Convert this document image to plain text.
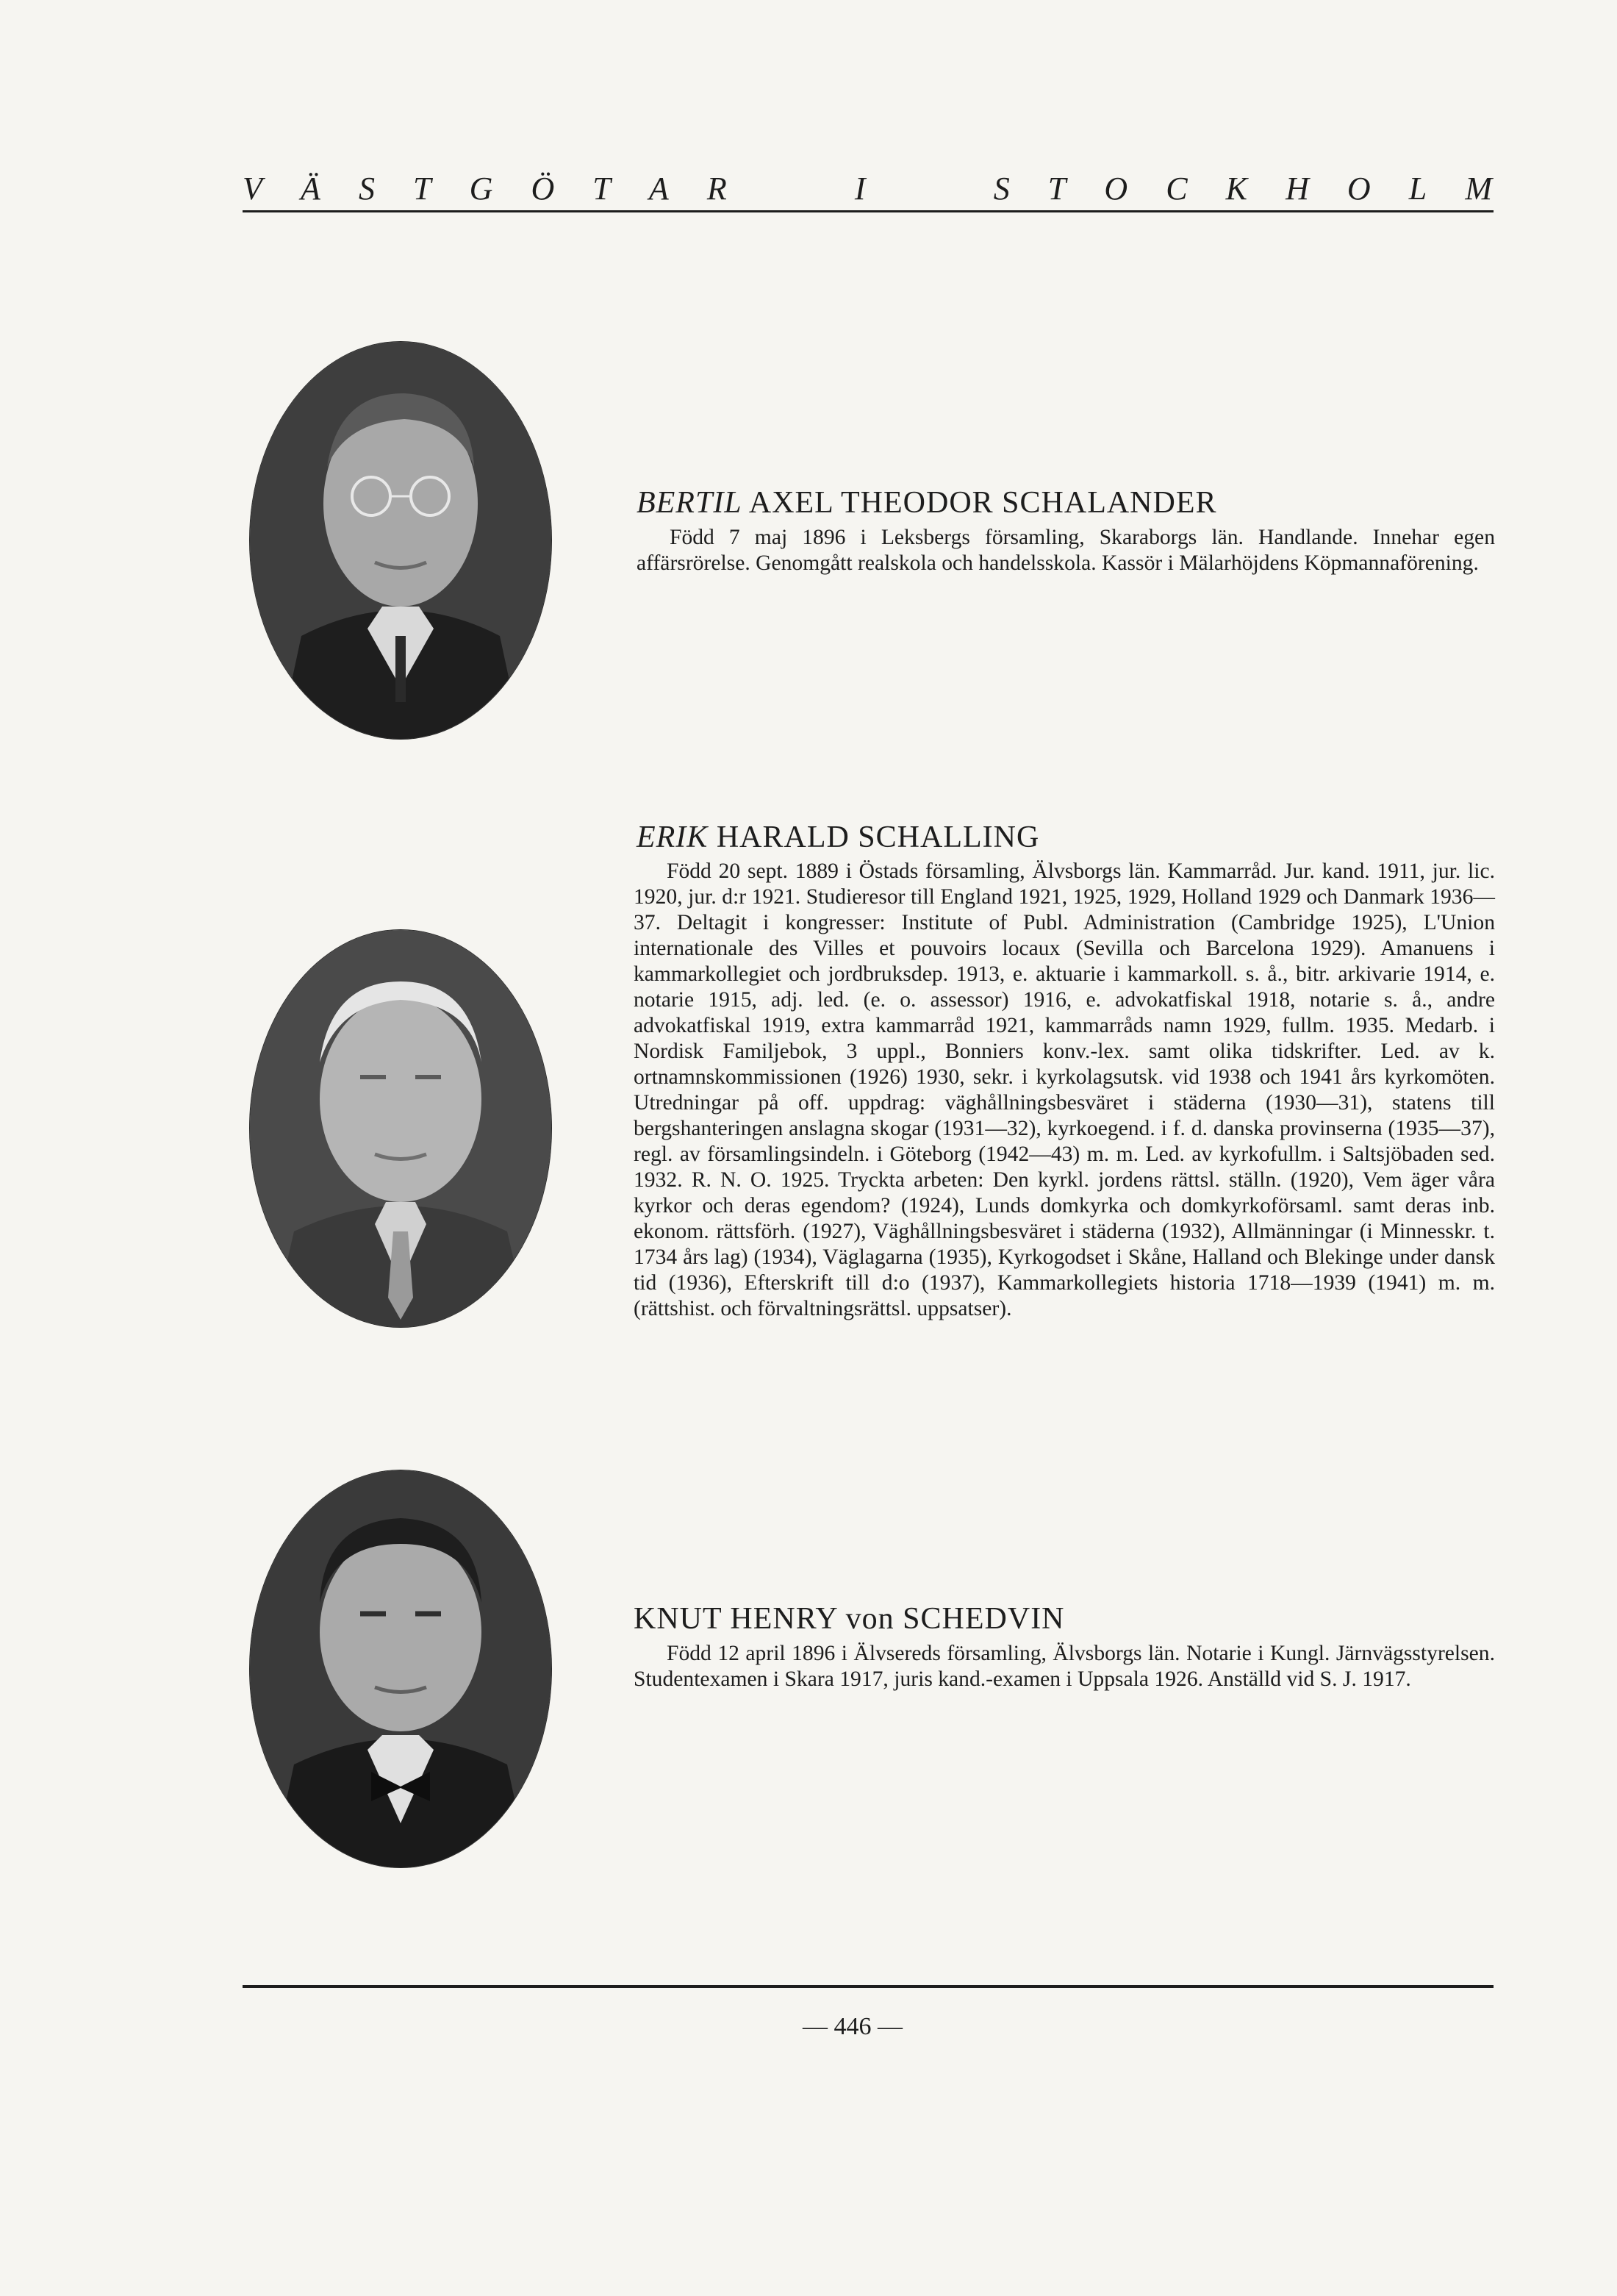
V Ä S T G Ö T A R	I	S T O C K H O L M
BERTIL AXEL THEODOR SCHALANDER
Född 7 maj 1896 i Leksbergs församling, Skaraborgs län. Handlande. Innehar egen affärsrörelse. Genomgått realskola och handelsskola. Kassör i Mälarhöjdens Köpmannaförening.
ERIK HARALD SCHALLING
Född 20 sept. 1889 i Östads församling, Älvsborgs län. Kammarråd. Jur. kand. 1911, jur. lic. 1920, jur. d:r 1921. Studieresor till England 1921, 1925, 1929, Holland 1929 och Danmark 1936—37. Deltagit i kongresser: Institute of Publ. Administration (Cambridge 1925), L'Union internationale des Villes et pouvoirs locaux (Sevilla och Barcelona 1929). Amanuens i kammarkollegiet och jordbruksdep. 1913, e. aktuarie i kammarkoll. s. å., bitr. arkivarie 1914, e. notarie 1915, adj. led. (e. o. assessor) 1916, e. advokatfiskal 1918, notarie s. å., andre advokatfiskal 1919, extra kammarråd 1921, kammarråds namn 1929, fullm. 1935. Medarb. i Nordisk Familjebok, 3 uppl., Bonniers konv.-lex. samt olika tidskrifter. Led. av k. ortnamnskommissionen (1926) 1930, sekr. i kyrkolagsutsk. vid 1938 och 1941 års kyrkomöten. Utredningar på off. uppdrag: väghållningsbesväret i städerna (1930—31), statens till bergshanteringen anslagna skogar (1931—32), kyrkoegend. i f. d. danska provinserna (1935—37), regl. av församlingsindeln. i Göteborg (1942—43) m. m. Led. av kyrkofullm. i Saltsjöbaden sed. 1932. R. N. O. 1925. Tryckta arbeten: Den kyrkl. jordens rättsl. ställn. (1920), Vem äger våra kyrkor och deras egendom? (1924), Lunds domkyrka och domkyrkoförsaml. samt deras inb. ekonom. rättsförh. (1927), Väghållningsbesväret i städerna (1932), Allmänningar (i Minnesskr. t. 1734 års lag) (1934), Väglagarna (1935), Kyrkogodset i Skåne, Halland och Blekinge under dansk tid (1936), Efterskrift till d:o (1937), Kammarkollegiets historia 1718—1939 (1941) m. m. (rättshist. och förvaltningsrättsl. uppsatser).
KNUT HENRY von SCHEDVIN
Född 12 april 1896 i Älvsereds församling, Älvsborgs län. Notarie i Kungl. Järnvägsstyrelsen. Studentexamen i Skara 1917, juris kand.-examen i Uppsala 1926. Anställd vid S. J. 1917.
— 446 —
